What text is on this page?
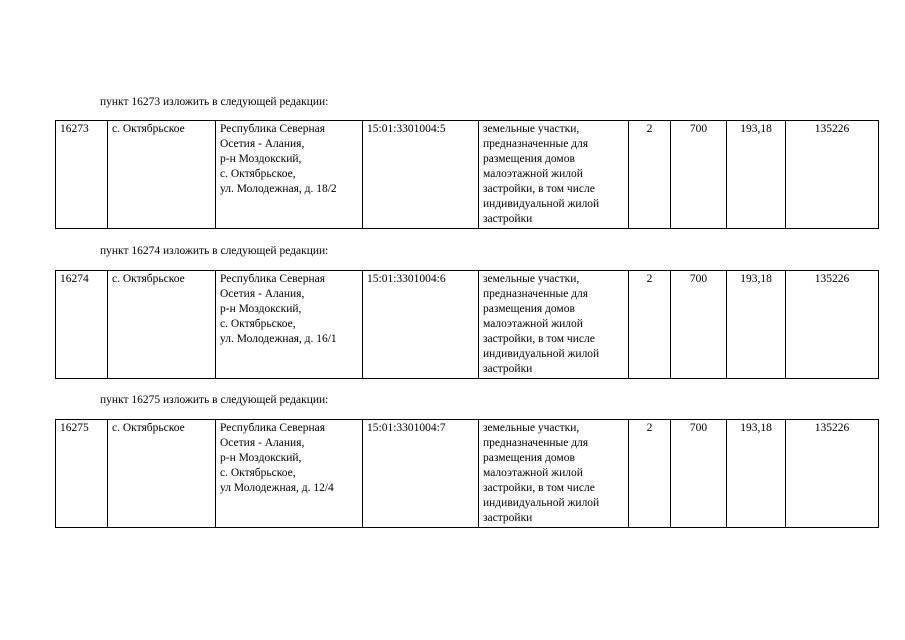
пункт 16273 изложить в следующей редакции:
16273	с. Октябрьское	Республика Северная
Осетия - Алания,
р-н Моздокский,
с. Октябрьское,
ул. Молодежная, д. 18/2
	15:01:3301004:5	земельные участки,
предназначенные для
размещения домов
малоэтажной жилой
застройки, в том числе
индивидуальной жилой
застройки
	2	700	193,18	135226
пункт 16274 изложить в следующей редакции:
16274	с. Октябрьское	Республика Северная
Осетия - Алания,
р-н Моздокский,
с. Октябрьское,
ул. Молодежная, д. 16/1
	15:01:3301004:6	земельные участки,
предназначенные для
размещения домов
малоэтажной жилой
застройки, в том числе
индивидуальной жилой
застройки
	2	700	193,18	135226
пункт 16275 изложить в следующей редакции:
16275	с. Октябрьское	Республика Северная
Осетия - Алания,
р-н Моздокский,
с. Октябрьское,
ул Молодежная, д. 12/4
	15:01:3301004:7	земельные участки,
предназначенные для
размещения домов
малоэтажной жилой
застройки, в том числе
индивидуальной жилой
застройки
	2	700	193,18	135226
